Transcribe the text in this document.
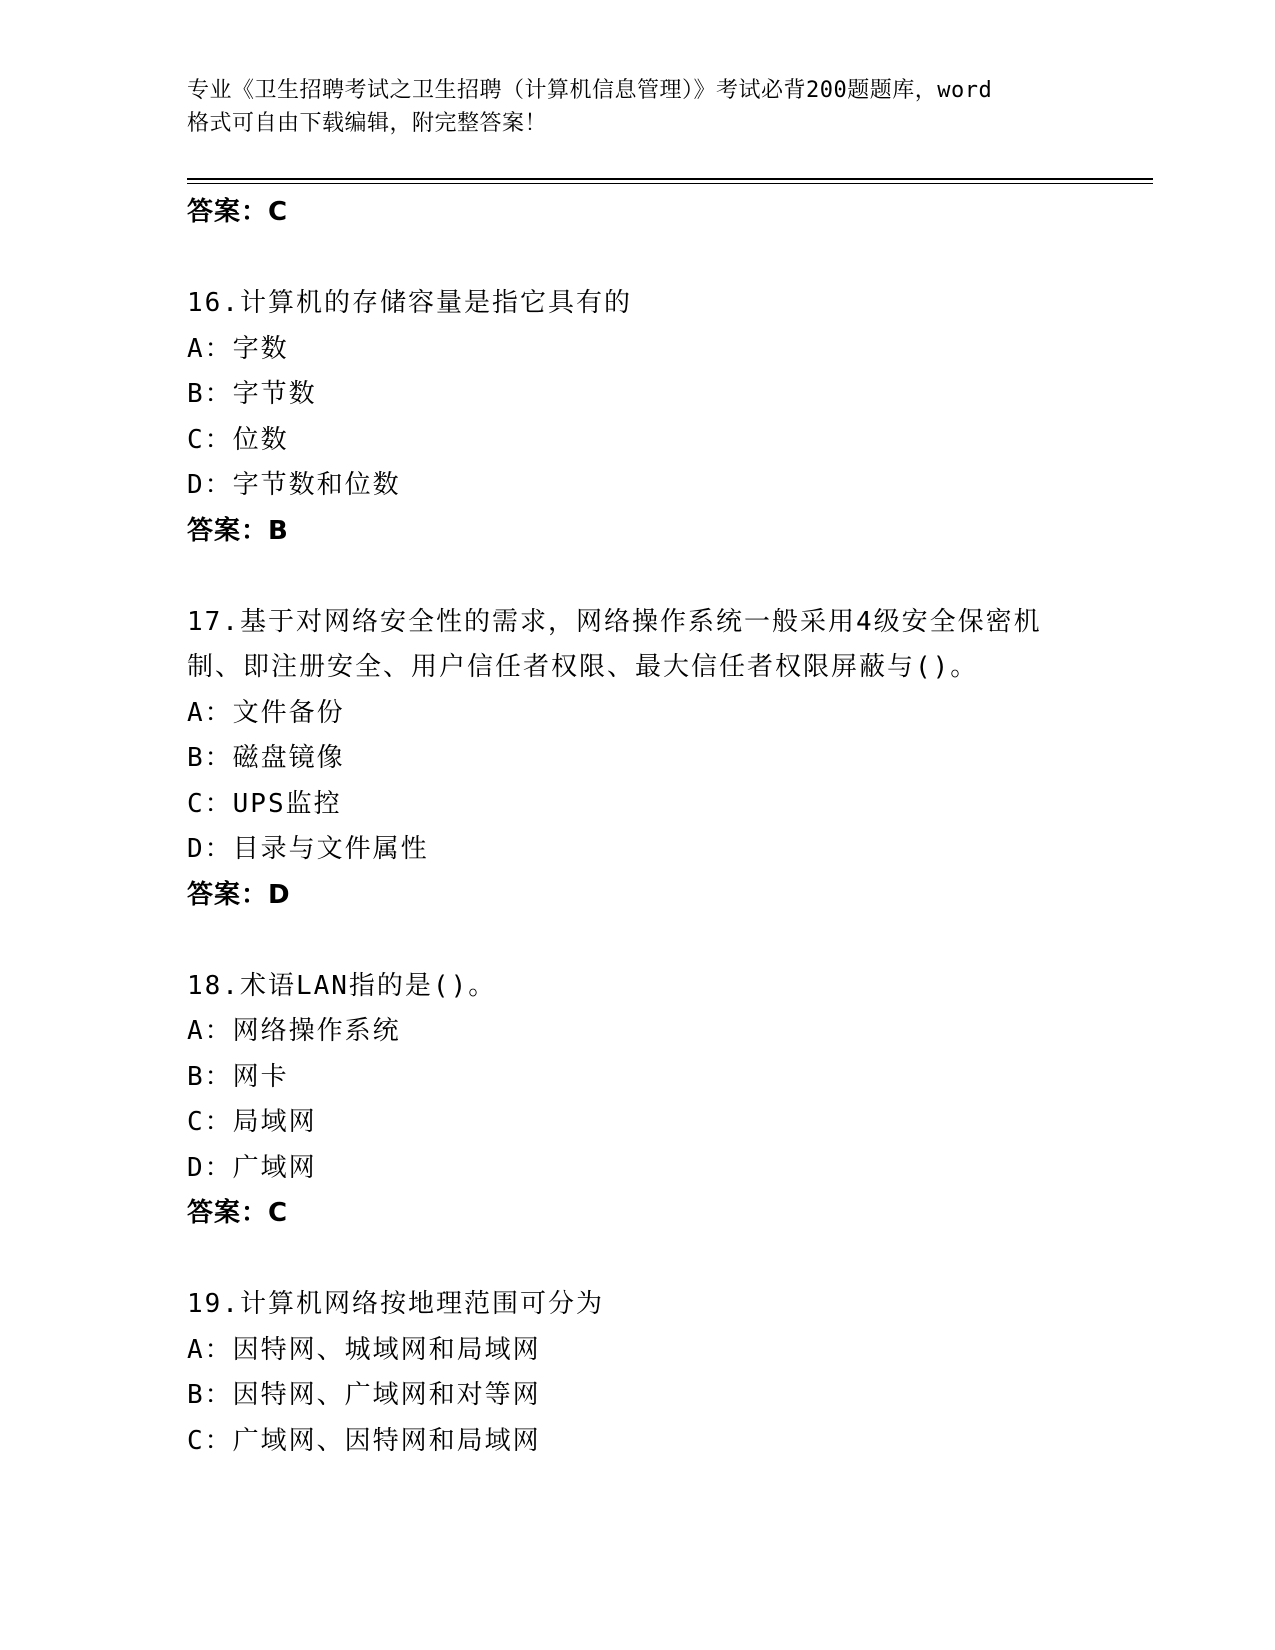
专业《卫生招聘考试之卫生招聘（计算机信息管理）》考试必背200题题库，word
格式可自由下载编辑，附完整答案！
答案：C
16.计算机的存储容量是指它具有的
A：字数
B：字节数
C：位数
D：字节数和位数
答案：B
17.基于对网络安全性的需求，网络操作系统一般采用4级安全保密机
制、即注册安全、用户信任者权限、最大信任者权限屏蔽与()。
A：文件备份
B：磁盘镜像
C：UPS监控
D：目录与文件属性
答案：D
18.术语LAN指的是()。
A：网络操作系统
B：网卡
C：局域网
D：广域网
答案：C
19.计算机网络按地理范围可分为
A：因特网、城域网和局域网
B：因特网、广域网和对等网
C：广域网、因特网和局域网
